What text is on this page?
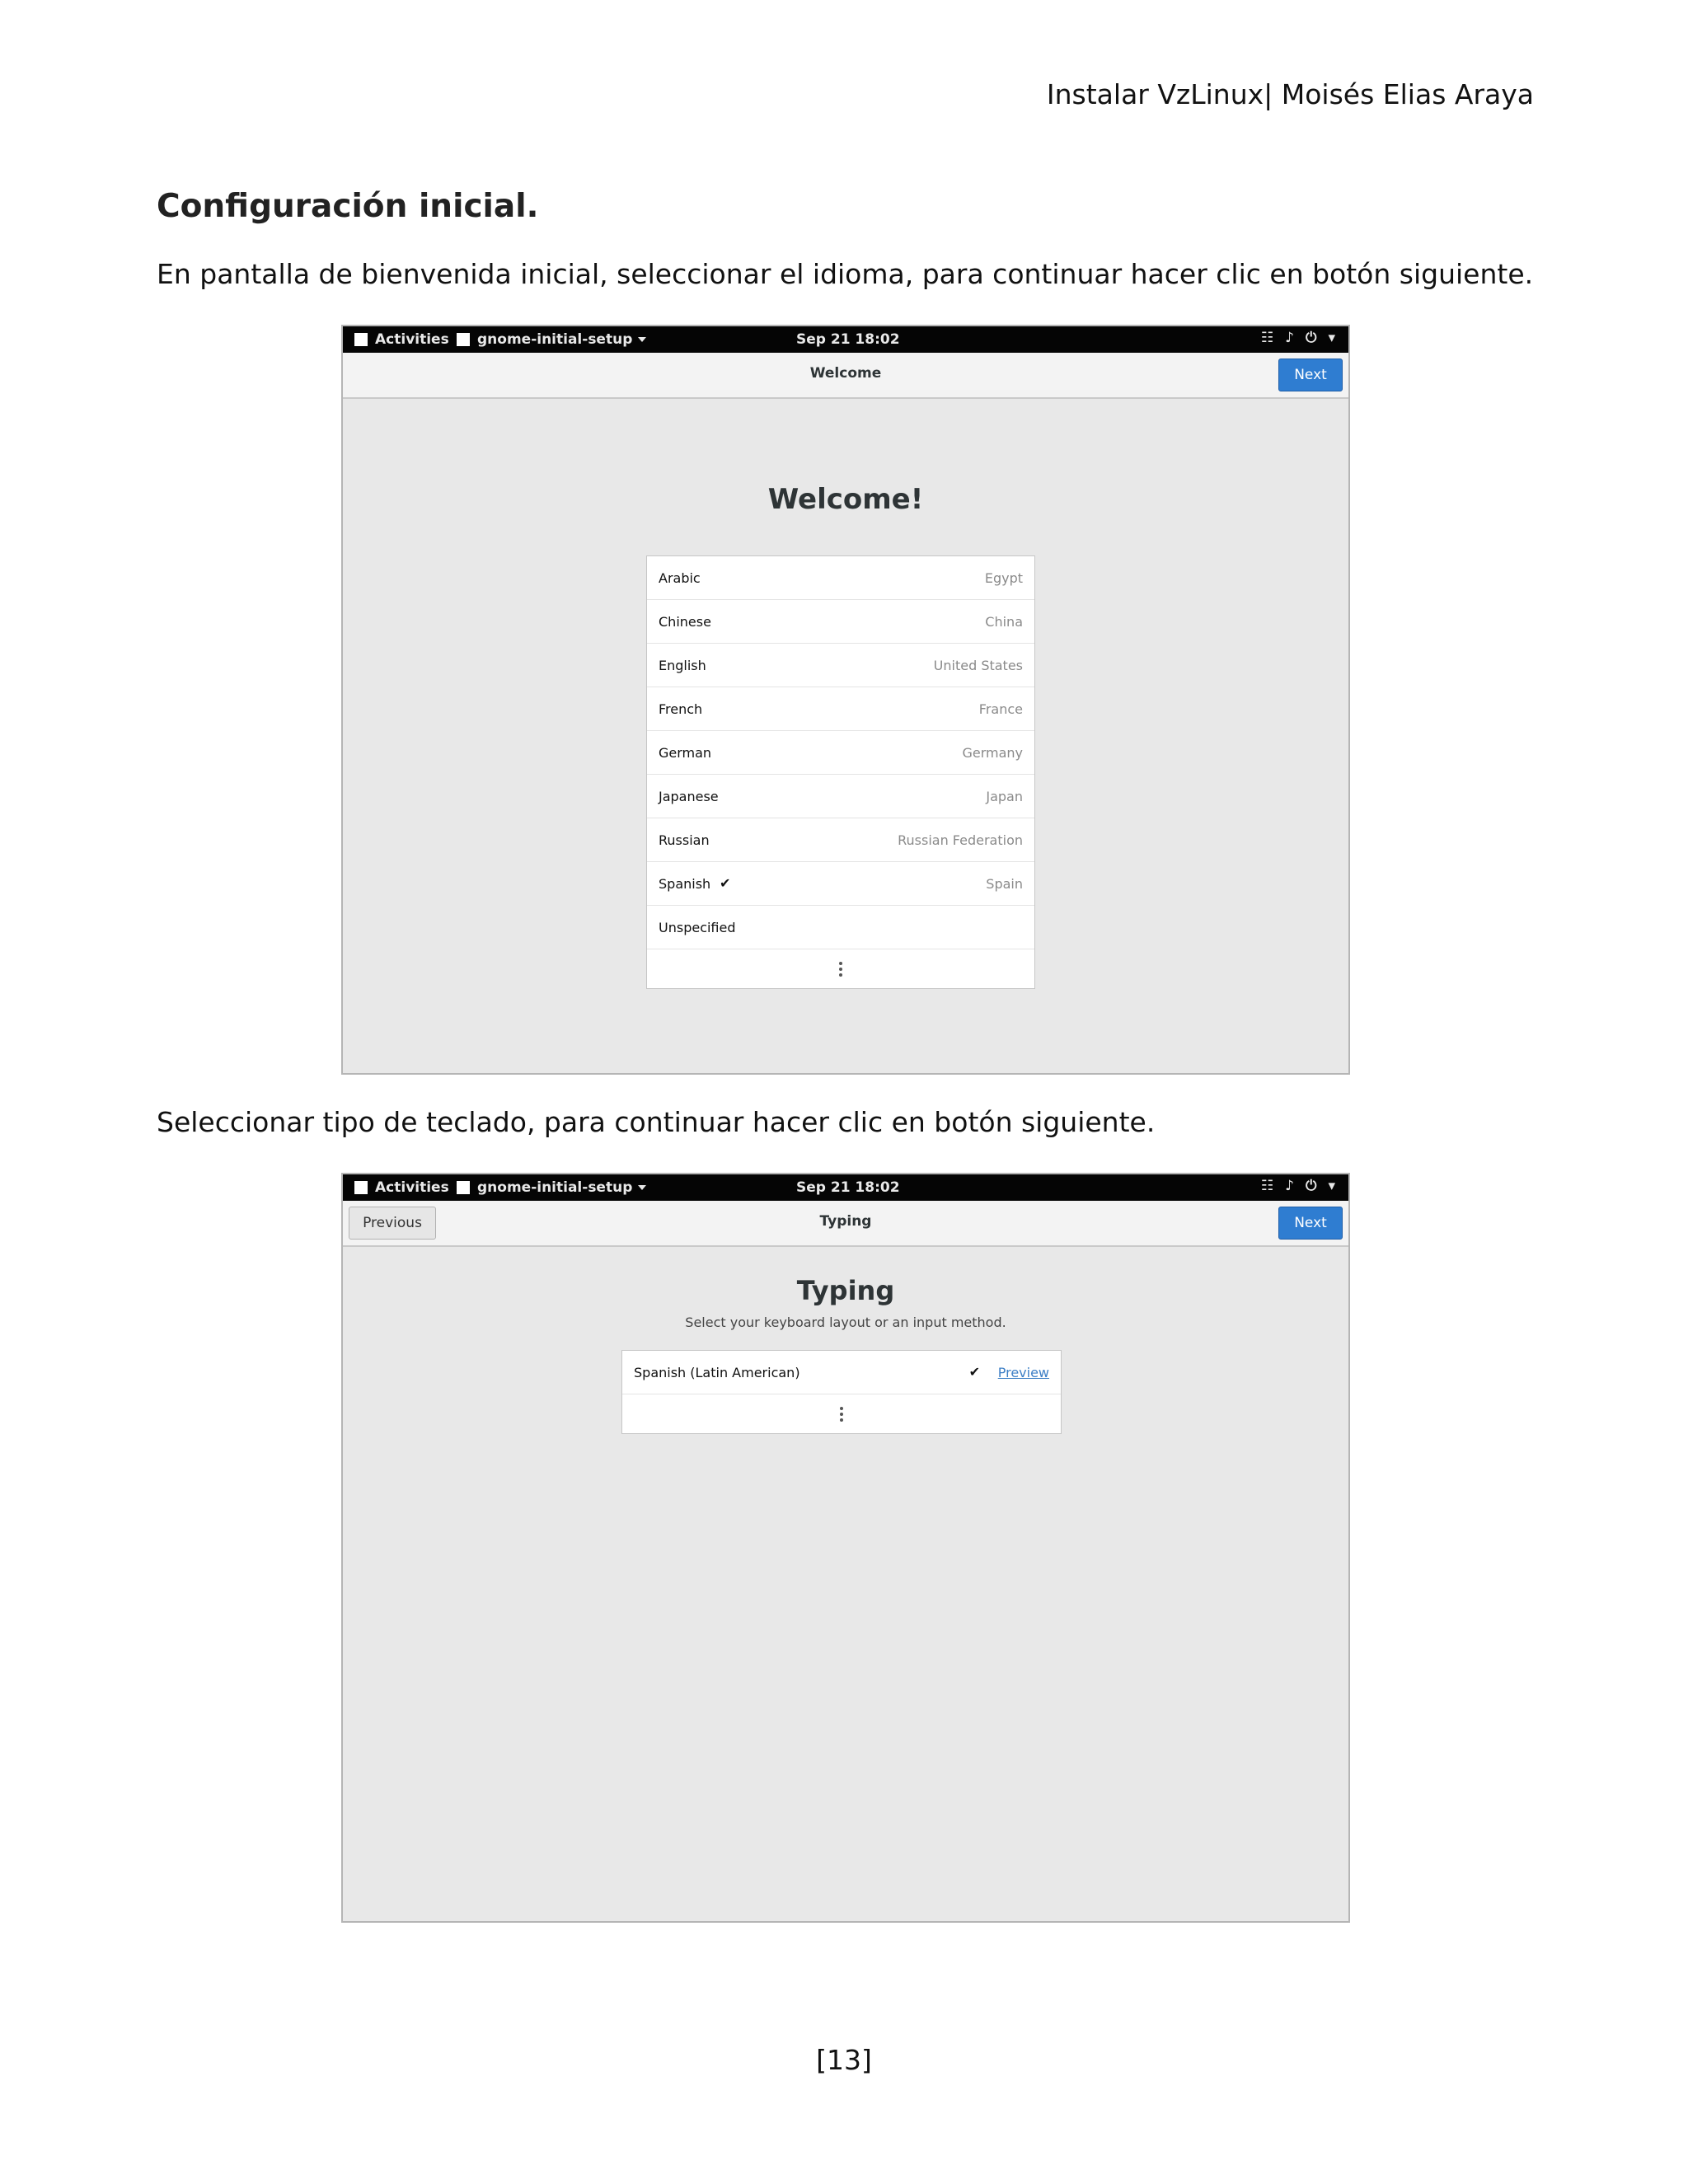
Instalar VzLinux| Moisés Elias Araya
Configuración inicial.
En pantalla de bienvenida inicial, seleccionar el idioma, para continuar hacer clic en botón siguiente.
Activities gnome-initial-setup	Sep 21 18:02	☷ ♪ ⏻ ▾
Welcome	Next
Welcome!
Arabic	Egypt
Chinese	China
English	United States
French	France
German	Germany
Japanese	Japan
Russian	Russian Federation
Spanish ✔	Spain
Unspecified
Seleccionar tipo de teclado, para continuar hacer clic en botón siguiente.
Activities gnome-initial-setup	Sep 21 18:02	☷ ♪ ⏻ ▾
Previous	Typing	Next
Typing
Select your keyboard layout or an input method.
Spanish (Latin American)	✔ Preview
[13]
